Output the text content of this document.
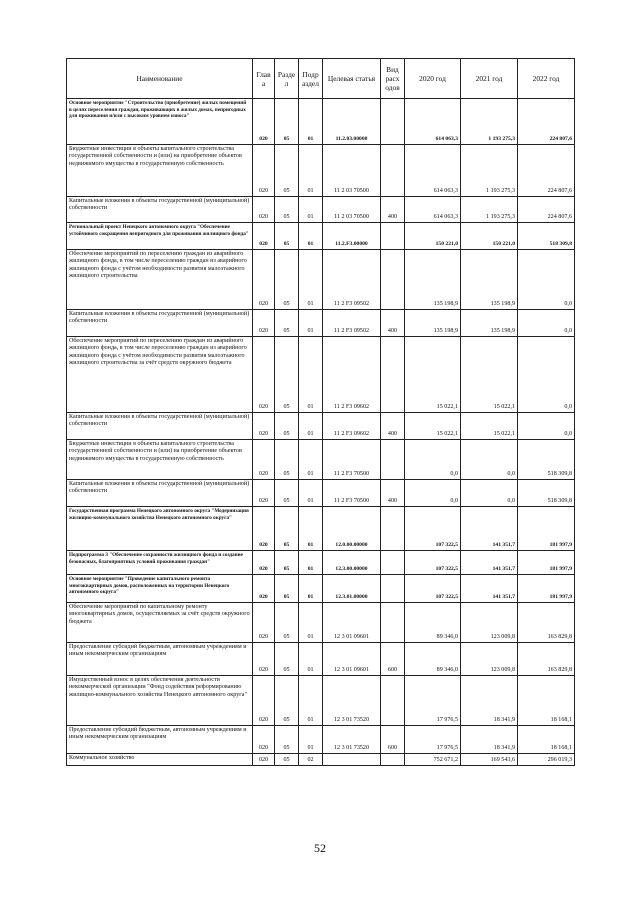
Наименование	Глав а	Разде л	Подр аздел	Целевая статья	Вид расх одов	2020 год	2021 год	2022 год
Основное мероприятие "Строительство (приобретение) жилых помещений в целях переселения граждан, проживающих в жилых домах, непригодных для проживания и/или с высоким уровнем износа"	020	05	01	11.2.03.00000		614 063,3	1 193 275,3	224 807,6
Бюджетные инвестиции в объекты капитального строительства государственной собственности и (или) на приобретение объектов недвижимого имущества в государственную собственность	020	05	01	11 2 03 70500		614 063,3	1 193 275,3	224 807,6
Капитальные вложения в объекты государственной (муниципальной) собственности	020	05	01	11 2 03 70500	400	614 063,3	1 193 275,3	224 807,6
Региональный проект Ненецкого автономного округа "Обеспечение устойчивого сокращения непригодного для проживания жилищного фонда"	020	05	01	11.2.F3.00000		150 221,0	150 221,0	518 309,8
Обеспечение мероприятий по переселению граждан из аварийного жилищного фонда, в том числе переселению граждан из аварийного жилищного фонда с учётом необходимости развития малоэтажного жилищного строительства	020	05	01	11 2 F3 09502		135 198,9	135 198,9	0,0
Капитальные вложения в объекты государственной (муниципальной) собственности	020	05	01	11 2 F3 09502	400	135 198,9	135 198,9	0,0
Обеспечение мероприятий по переселению граждан из аварийного жилищного фонда, в том числе переселению граждан из аварийного жилищного фонда с учётом необходимости развития малоэтажного жилищного строительства за счёт средств окружного бюджета	020	05	01	11 2 F3 09602		15 022,1	15 022,1	0,0
Капитальные вложения в объекты государственной (муниципальной) собственности	020	05	01	11 2 F3 09602	400	15 022,1	15 022,1	0,0
Бюджетные инвестиции в объекты капитального строительства государственной собственности и (или) на приобретение объектов недвижимого имущества в государственную собственность	020	05	01	11 2 F3 70500		0,0	0,0	518 309,8
Капитальные вложения в объекты государственной (муниципальной) собственности	020	05	01	11 2 F3 70500	400	0,0	0,0	518 309,8
Государственная программа Ненецкого автономного округа "Модернизация жилищно-коммунального хозяйства Ненецкого автономного округа"	020	05	01	12.0.00.00000		107 322,5	141 351,7	181 997,9
Подпрограмма 3 "Обеспечение сохранности жилищного фонда и создание безопасных, благоприятных условий проживания граждан"	020	05	01	12.3.00.00000		107 322,5	141 351,7	181 997,9
Основное мероприятие "Проведение капитального ремонта многоквартирных домов, расположенных на территории Ненецкого автономного округа"	020	05	01	12.3.01.00000		107 322,5	141 351,7	181 997,9
Обеспечение мероприятий по капитальному ремонту многоквартирных домов, осуществляемых за счёт средств окружного бюджета	020	05	01	12 3 01 09601		89 346,0	123 009,8	163 829,8
Предоставление субсидий бюджетным, автономным учреждениям и иным некоммерческим организациям	020	05	01	12 3 01 09601	600	89 346,0	123 009,8	163 829,8
Имущественный взнос в целях обеспечения деятельности некоммерческой организации "Фонд содействия реформированию жилищно-коммунального хозяйства Ненецкого автономного округа"	020	05	01	12 3 01 73520		17 976,5	18 341,9	18 168,1
Предоставление субсидий бюджетным, автономным учреждениям и иным некоммерческим организациям	020	05	01	12 3 01 73520	600	17 976,5	18 341,9	18 168,1
Коммунальное хозяйство	020	05	02			752 671,2	169 543,6	296 019,3
52
